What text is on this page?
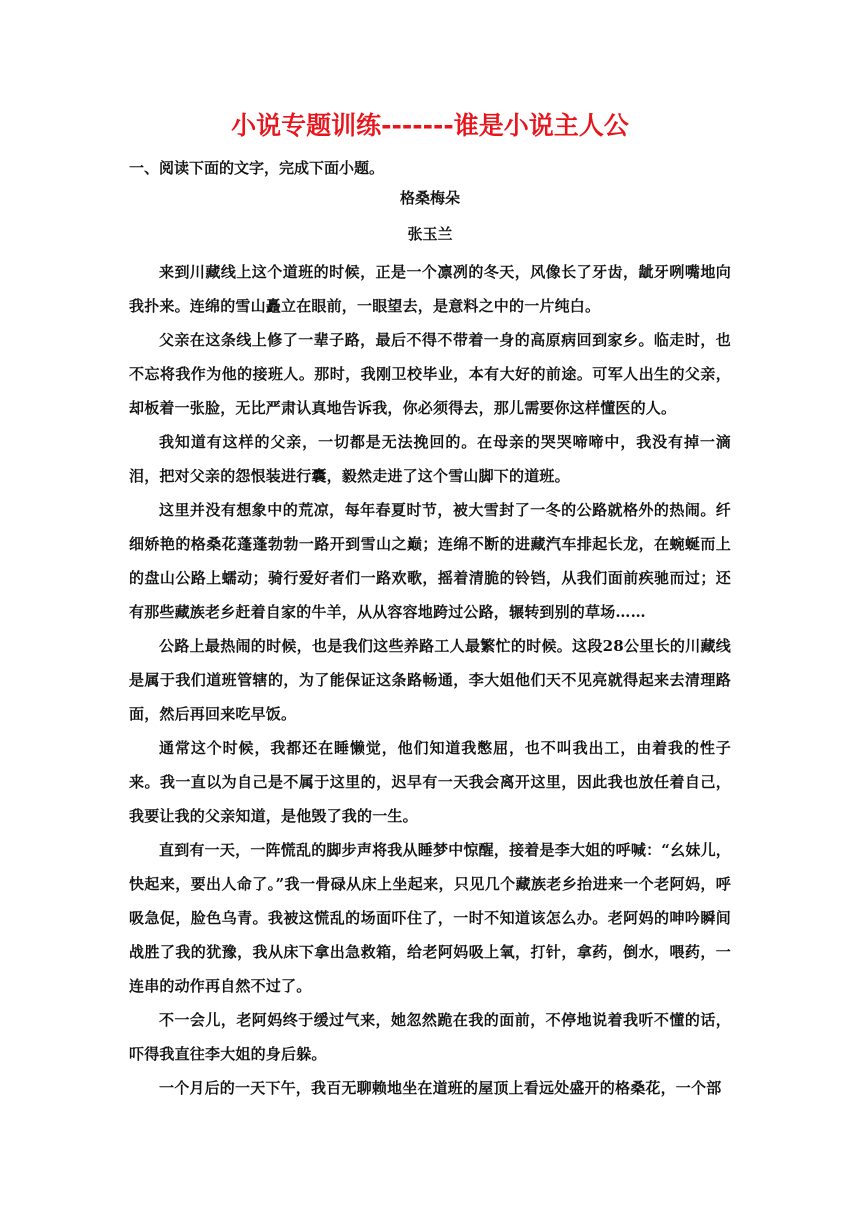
小说专题训练-------谁是小说主人公
一、阅读下面的文字，完成下面小题。
格桑梅朵
张玉兰

来到川藏线上这个道班的时候，正是一个凛冽的冬天，风像长了牙齿，龇牙咧嘴地向我扑来。连绵的雪山矗立在眼前，一眼望去，是意料之中的一片纯白。

父亲在这条线上修了一辈子路，最后不得不带着一身的高原病回到家乡。临走时，也不忘将我作为他的接班人。那时，我刚卫校毕业，本有大好的前途。可军人出生的父亲，却板着一张脸，无比严肃认真地告诉我，你必须得去，那儿需要你这样懂医的人。

我知道有这样的父亲，一切都是无法挽回的。在母亲的哭哭啼啼中，我没有掉一滴泪，把对父亲的怨恨装进行囊，毅然走进了这个雪山脚下的道班。

这里并没有想象中的荒凉，每年春夏时节，被大雪封了一冬的公路就格外的热闹。纤细娇艳的格桑花蓬蓬勃勃一路开到雪山之巅；连绵不断的进藏汽车排起长龙，在蜿蜒而上的盘山公路上蠕动；骑行爱好者们一路欢歌，摇着清脆的铃铛，从我们面前疾驰而过；还有那些藏族老乡赶着自家的牛羊，从从容容地跨过公路，辗转到别的草场……

公路上最热闹的时候，也是我们这些养路工人最繁忙的时候。这段28公里长的川藏线是属于我们道班管辖的，为了能保证这条路畅通，李大姐他们天不见亮就得起来去清理路面，然后再回来吃早饭。

通常这个时候，我都还在睡懒觉，他们知道我憋屈，也不叫我出工，由着我的性子来。我一直以为自己是不属于这里的，迟早有一天我会离开这里，因此我也放任着自己，我要让我的父亲知道，是他毁了我的一生。

直到有一天，一阵慌乱的脚步声将我从睡梦中惊醒，接着是李大姐的呼喊：“幺妹儿，快起来，要出人命了。”我一骨碌从床上坐起来，只见几个藏族老乡抬进来一个老阿妈，呼吸急促，脸色乌青。我被这慌乱的场面吓住了，一时不知道该怎么办。老阿妈的呻吟瞬间战胜了我的犹豫，我从床下拿出急救箱，给老阿妈吸上氧，打针，拿药，倒水，喂药，一连串的动作再自然不过了。

不一会儿，老阿妈终于缓过气来，她忽然跪在我的面前，不停地说着我听不懂的话，吓得我直往李大姐的身后躲。

一个月后的一天下午，我百无聊赖地坐在道班的屋顶上看远处盛开的格桑花，一个部
